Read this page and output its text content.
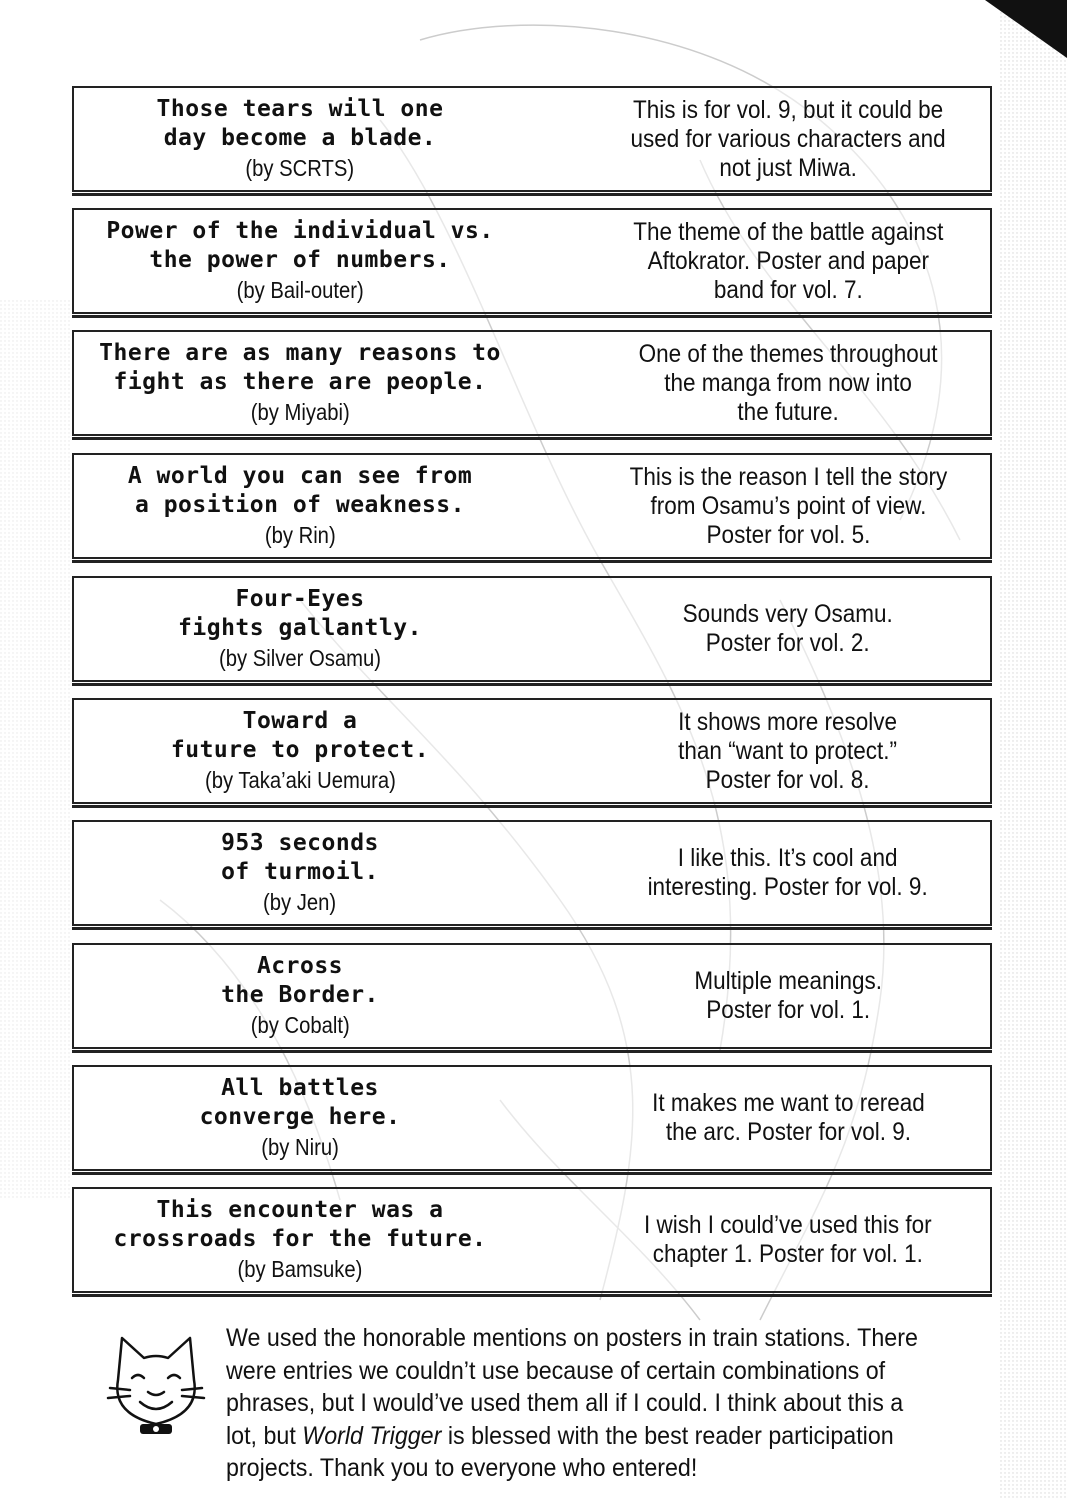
Those tears will one
day become a blade.
(by SCRTS)
This is for vol. 9, but it could be
used for various characters and
not just Miwa.
Power of the individual vs.
the power of numbers.
(by Bail-outer)
The theme of the battle against
Aftokrator. Poster and paper
band for vol. 7.
There are as many reasons to
fight as there are people.
(by Miyabi)
One of the themes throughout
the manga from now into
the future.
A world you can see from
a position of weakness.
(by Rin)
This is the reason I tell the story
from Osamu’s point of view.
Poster for vol. 5.
Four-Eyes
fights gallantly.
(by Silver Osamu)
Sounds very Osamu.
Poster for vol. 2.
Toward a
future to protect.
(by Taka’aki Uemura)
It shows more resolve
than “want to protect.”
Poster for vol. 8.
953 seconds
of turmoil.
(by Jen)
I like this. It’s cool and
interesting. Poster for vol. 9.
Across
the Border.
(by Cobalt)
Multiple meanings.
Poster for vol. 1.
All battles
converge here.
(by Niru)
It makes me want to reread
the arc. Poster for vol. 9.
This encounter was a
crossroads for the future.
(by Bamsuke)
I wish I could’ve used this for
chapter 1. Poster for vol. 1.
We used the honorable mentions on posters in train stations. There
were entries we couldn’t use because of certain combinations of
phrases, but I would’ve used them all if I could. I think about this a
lot, but World Trigger is blessed with the best reader participation
projects. Thank you to everyone who entered!
